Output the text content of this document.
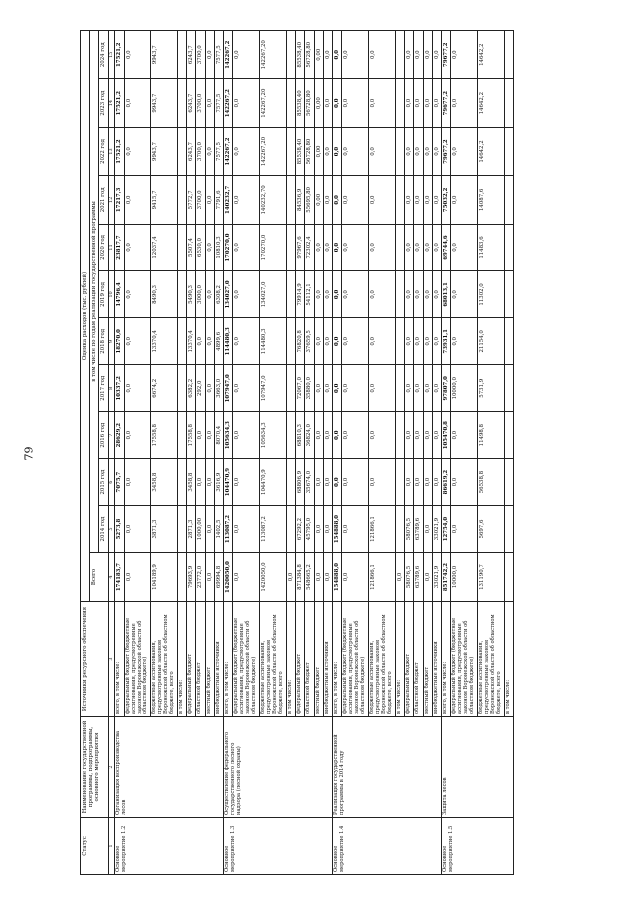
79
Статус	Наименование государственной программы, подпрограммы, основного мероприятия	Источники ресурсного обеспечения	Оценка расходов (тыс. рублей)											
			Всего	в том числе по годам реализации государственной программы										
				2014 год	2015 год	2016 год	2017 год	2018 год	2019 год	2020 год	2021 год	2022 год	2023 год	2024 год
1	2	3	4	5	6	7	8	9	10	11	12	13	14	15
Основное мероприятие 1.2	Организация воспроизводства лесов	всего, в том числе:	174183,7	5273,8	7075,7	28629,2	10337,2	18270,0	14796,4	23817,7	17217,3	17521,2	17521,2	17521,2
		федеральный бюджет (бюджетные ассигнования, предусмотренные законом Воронежской области об областном бюджете)	0,0	0,0	0,0	0,0	0,0	0,0	0,0	0,0	0,0	0,0	0,0	0,0
		бюджетные ассигнования, предусмотренные законом Воронежской области об областном бюджете, всего	104189,9	3871,3	3458,8	17558,8	6674,2	13370,4	8490,3	12037,4	9415,7	9943,7	9943,7	9943,7
		в том числе:												
		федеральный бюджет	79693,9	2871,3	3458,8	17558,8	6382,2	13370,4	5490,3	5507,4	5772,7	6243,7	6243,7	6243,7
		областной бюджет	23772,0	1000,00	0,0	0,0	292,0	0,0	3000,0	6530,0	3700,0	3700,0	3700,0	3700,0
		местный бюджет	0,0	0,0	0,0	0,0	0,0	0,0	0,0	0,0	0,0	0,0	0,0	0,0
		внебюджетные источники	69994,8	1402,5	3616,9	8070,4	3663,0	4899,6	6308,2	10810,3	7791,6	7577,5	7577,5	7577,5
Основное мероприятие 1.3	Осуществление федерального государственного лесного надзора (лесной охраны)	всего, в том числе:	1420050,0	113087,2	104470,9	105634,3	107947,0	114480,3	134027,0	170270,0	140232,7	142267,2	142267,2	142267,2
		федеральный бюджет (бюджетные ассигнования, предусмотренные законом Воронежской области об областном бюджете)	0,0	0,0	0,0	0,0	0,0	0,0	0,0	0,0	0,0	0,0	0,0	0,0
		бюджетные ассигнования, предусмотренные законом Воронежской области об областном бюджете, всего	1420050,0	113087,2	104470,9	105634,3	107947,0	114480,3	134027,0	170270,0	140232,70	142267,20	142267,20	142267,20
		в том числе:	0,0											
		федеральный бюджет	871384,8	67292,2	68806,9	68810,3	72067,0	76820,8	79914,9	97967,6	84536,9	85538,40	85538,40	85538,40
		областной бюджет	548665,2	45795,0	35674,0	36824,0	35880,0	37659,5	54112,1	72302,4	55695,80	56728,80	56728,80	56728,80
		местный бюджет	0,0	0,0	0,0	0,0	0,0	0,0	0,0	0,0	0,00	0,00	0,00	0,00
		внебюджетные источники	0,0	0,0	0,0	0,0	0,0	0,0	0,0	0,0	0,0	0,0	0,0	0,0
Основное мероприятие 1.4	Реализация государственной программы в 2014 году	всего, в том числе:	154888,0	154888,0	0,0	0,0	0,0	0,0	0,0	0,0	0,0	0,0	0,0	0,0
		федеральный бюджет (бюджетные ассигнования, предусмотренные законом Воронежской области об областном бюджете)	0,0	0,0	0,0	0,0	0,0	0,0	0,0	0,0	0,0	0,0	0,0	0,0
		бюджетные ассигнования, предусмотренные законом Воронежской области об областном бюджете, всего	121866,1	121866,1	0,0	0,0	0,0	0,0	0,0	0,0	0,0	0,0	0,0	0,0
		в том числе:	0,0											
		федеральный бюджет	58076,5	58076,5	0,0	0,0	0,0	0,0	0,0	0,0	0,0	0,0	0,0	0,0
		областной бюджет	63789,6	63789,6	0,0	0,0	0,0	0,0	0,0	0,0	0,0	0,0	0,0	0,0
		местный бюджет	0,0	0,0	0,0	0,0	0,0	0,0	0,0	0,0	0,0	0,0	0,0	0,0
		внебюджетные источники	33021,9	33021,9	0,0	0,0	0,0	0,0	0,0	0,0	0,0	0,0	0,0	0,0
Основное мероприятие 1.5	Защита лесов	всего, в том числе:	851742,2	12754,0	86619,2	105470,8	97807,0	73931,1	68013,1	69744,6	75032,2	79677,2	79677,2	79677,2
		федеральный бюджет (бюджетные ассигнования, предусмотренные законом Воронежской области об областном бюджете)	10000,0	0,0	0,0	0,0	10000,0	0,0	0,0	0,0	0,0	0,0	0,0	0,0
		бюджетные ассигнования, предусмотренные законом Воронежской области об областном бюджете, всего	131190,7	5697,6	56538,8	11498,8	5731,9	21154,0	11302,0	11483,6	14087,6	14642,2	14642,2	14642,2
		в том числе:												
